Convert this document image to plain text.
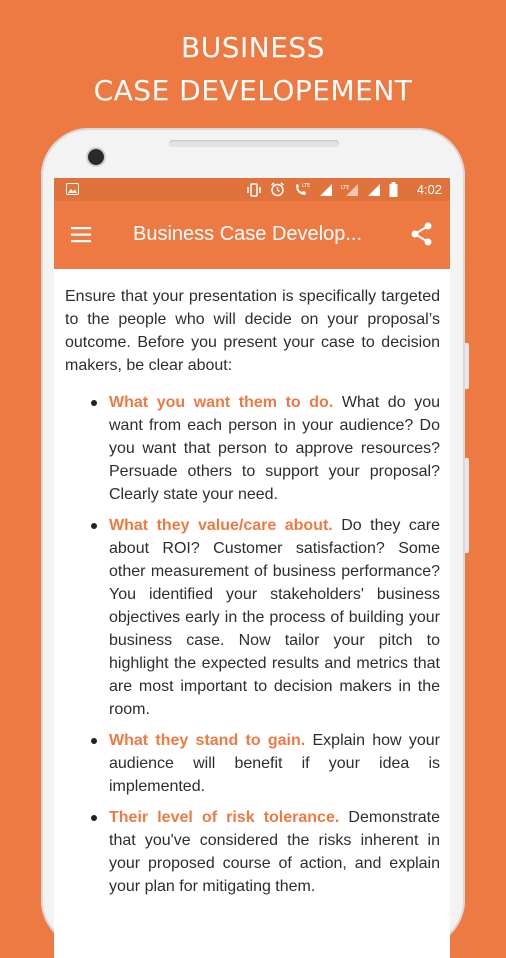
BUSINESS
CASE DEVELOPEMENT
LTE	LTE	4:02
Business Case Develop...

Ensure that your presentation is specifically targeted to the people who will decide on your proposal’s outcome. Before you present your case to decision makers, be clear about:

What you want them to do. What do you want from each person in your audience? Do you want that person to approve resources? Persuade others to support your proposal? Clearly state your need.
What they value/care about. Do they care about ROI? Customer satisfaction? Some other measurement of business performance? You identified your stakeholders' business objectives early in the process of building your business case. Now tailor your pitch to highlight the expected results and metrics that are most important to decision makers in the room.
What they stand to gain. Explain how your audience will benefit if your idea is implemented.
Their level of risk tolerance. Demonstrate that you've considered the risks inherent in your proposed course of action, and explain your plan for mitigating them.
